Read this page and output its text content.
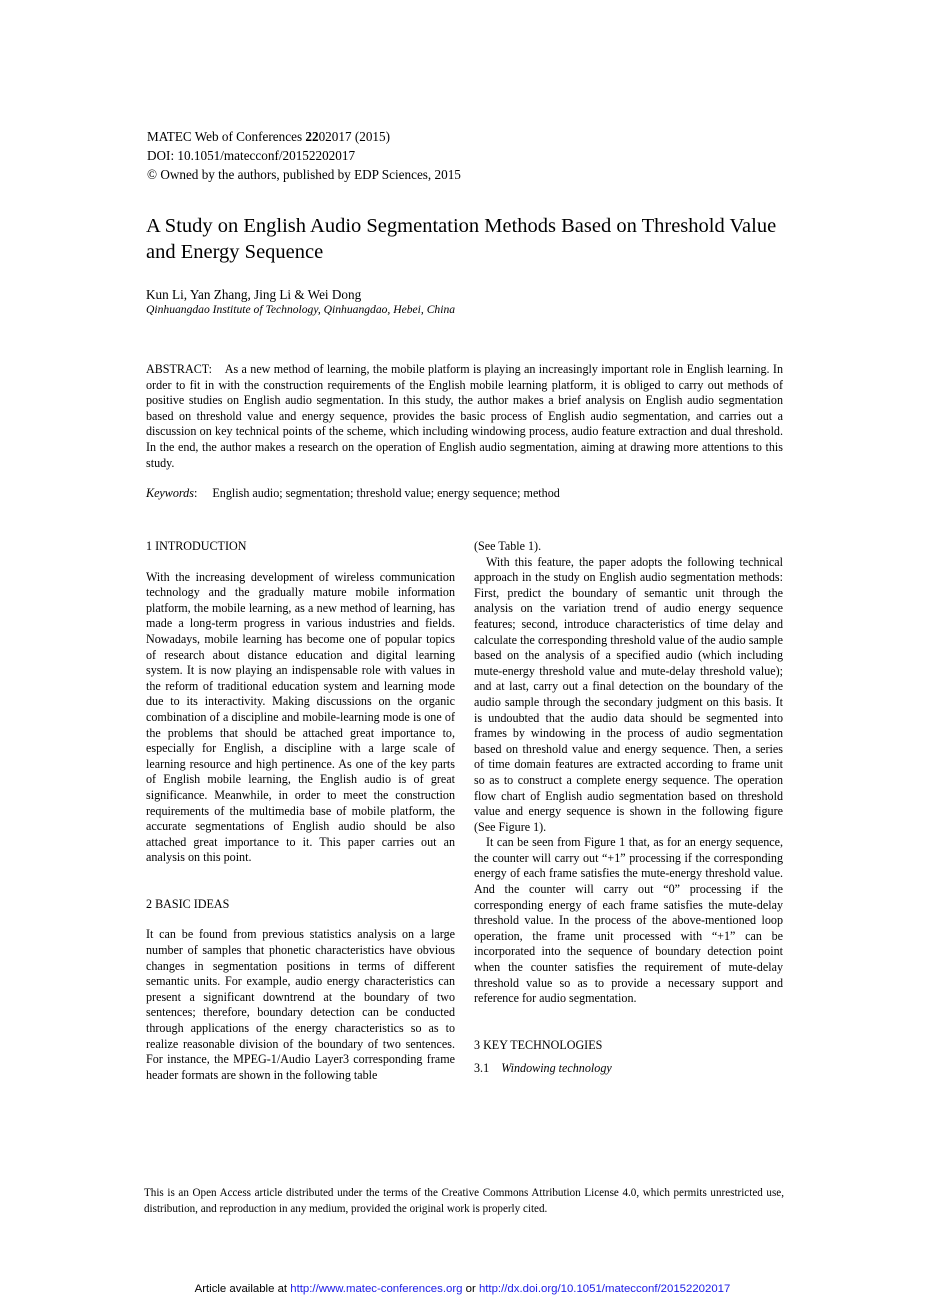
MATEC Web of Conferences 2202017 (2015)
DOI: 10.1051/matecconf/20152202017
© Owned by the authors, published by EDP Sciences, 2015
A Study on English Audio Segmentation Methods Based on Threshold Value and Energy Sequence
Kun Li, Yan Zhang, Jing Li & Wei Dong
Qinhuangdao Institute of Technology, Qinhuangdao, Hebei, China
ABSTRACT: As a new method of learning, the mobile platform is playing an increasingly important role in English learning. In order to fit in with the construction requirements of the English mobile learning platform, it is obliged to carry out methods of positive studies on English audio segmentation. In this study, the author makes a brief analysis on English audio segmentation based on threshold value and energy sequence, provides the basic process of English audio segmentation, and carries out a discussion on key technical points of the scheme, which including windowing process, audio feature extraction and dual threshold. In the end, the author makes a research on the operation of English audio segmentation, aiming at drawing more attentions to this study.
Keywords:     English audio; segmentation; threshold value; energy sequence; method

1 INTRODUCTION

With the increasing development of wireless communication technology and the gradually mature mobile information platform, the mobile learning, as a new method of learning, has made a long-term progress in various industries and fields. Nowadays, mobile learning has become one of popular topics of research about distance education and digital learning system. It is now playing an indispensable role with values in the reform of traditional education system and learning mode due to its interactivity. Making discussions on the organic combination of a discipline and mobile-learning mode is one of the problems that should be attached great importance to, especially for English, a discipline with a large scale of learning resource and high pertinence. As one of the key parts of English mobile learning, the English audio is of great significance. Meanwhile, in order to meet the construction requirements of the multimedia base of mobile platform, the accurate segmentations of English audio should be also attached great importance to it. This paper carries out an analysis on this point.

2 BASIC IDEAS

It can be found from previous statistics analysis on a large number of samples that phonetic characteristics have obvious changes in segmentation positions in terms of different semantic units. For example, audio energy characteristics can present a significant downtrend at the boundary of two sentences; therefore, boundary detection can be conducted through applications of the energy characteristics so as to realize reasonable division of the boundary of two sentences. For instance, the MPEG-1/Audio Layer3 corresponding frame header formats are shown in the following table

(See Table 1).

With this feature, the paper adopts the following technical approach in the study on English audio segmentation methods: First, predict the boundary of semantic unit through the analysis on the variation trend of audio energy sequence features; second, introduce characteristics of time delay and calculate the corresponding threshold value of the audio sample based on the analysis of a specified audio (which including mute-energy threshold value and mute-delay threshold value); and at last, carry out a final detection on the boundary of the audio sample through the secondary judgment on this basis. It is undoubted that the audio data should be segmented into frames by windowing in the process of audio segmentation based on threshold value and energy sequence. Then, a series of time domain features are extracted according to frame unit so as to construct a complete energy sequence. The operation flow chart of English audio segmentation based on threshold value and energy sequence is shown in the following figure (See Figure 1).

It can be seen from Figure 1 that, as for an energy sequence, the counter will carry out “+1” processing if the corresponding energy of each frame satisfies the mute-energy threshold value. And the counter will carry out “0” processing if the corresponding energy of each frame satisfies the mute-delay threshold value. In the process of the above-mentioned loop operation, the frame unit processed with “+1” can be incorporated into the sequence of boundary detection point when the counter satisfies the requirement of mute-delay threshold value so as to provide a necessary support and reference for audio segmentation.

3 KEY TECHNOLOGIES

3.1 Windowing technology

This is an Open Access article distributed under the terms of the Creative Commons Attribution License 4.0, which permits unrestricted use, distribution, and reproduction in any medium, provided the original work is properly cited.
Article available at http://www.matec-conferences.org or http://dx.doi.org/10.1051/matecconf/20152202017
